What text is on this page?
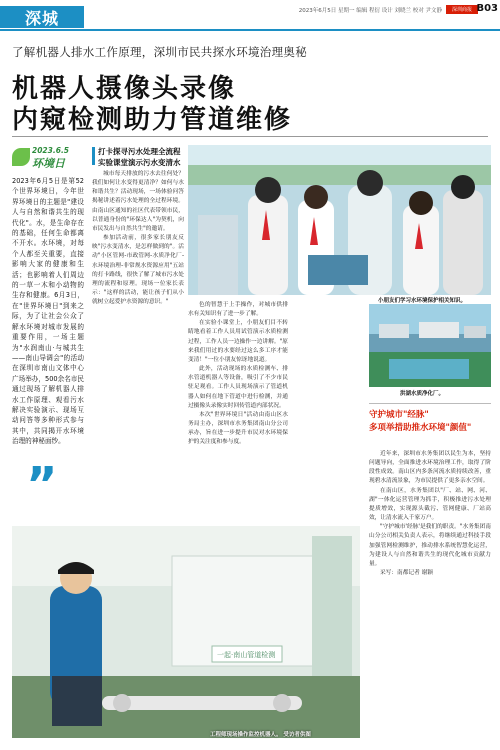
深城	2023年6月5日 星期一 编辑 程衍 设计 刘晓兰 校对 尹文静	深圳商报 B03
了解机器人排水工作原理，深圳市民共探水环境治理奥秘
机器人摄像头录像
内窥检测助力管道维修
2023.6.5
环境日
2023年6月5日是第52个世界环境日，今年世界环境日的主题是"建设人与自然和谐共生的现代化"。水，是生命存在的基础，任何生命都离不开水。水环境，对每个人都至关重要，直接影响大家的健康和生活；也影响着人们周边的一草一木和小动物的生存和健康。6月3日，在"世界环境日"到来之际，为了让社会公众了解水环境对城市发展的重要作用，一场主题为"水润南山·与城共生——南山导调会"的活动在深圳市南山文体中心广场举办，500余名市民通过现场了解机器人排水工作原理、观看污水解决实验演示、现场互动问答等多种形式参与其中，共同揭开水环境治理的神秘面纱。
”
打卡探寻污水处理全流程
实验课堂演示污水变清水

城市每天排放的污水去往何处？我们如何让水变得更清净？如何与水和谐共生？活动现场，一场体验问答揭秘讲述着污水处理的全过程环境。由南山区通知的社区代表带领市民，以普通身份的"环保达人"为契机，向市民发出与自然共生"的邀请。

参加活动前，很多家长朋友反映"污水变清水，是怎样做到的"。活动"小区管网-市政管网-水质净化厂-水环境治理-非常规水资源应用"五站的打卡路线，很快了解了城市污水处理的流程和原理。现场一位家长表示："这样的活动，能让孩子们从小就树立起爱护水资源的意识。"	小朋友们学习水环境保护相关知识。

色的智慧于上手操作，对城市供排水有关知识有了进一步了解。

在实验小课堂上，小朋友们目不转睛地看着工作人员用试管演示水质检测过程，工作人员一边操作一边讲解。"原来我们用过的水要经过这么多工序才能变清！"一位小朋友惊讶地说道。

此外，活动现场的水质检测车、排水管道机器人等设备，吸引了不少市民驻足观看。工作人员现场演示了管道机器人如何在地下管道中进行检测，并通过摄像头录像实时回传管道内部状况。

本次"世界环境日"活动由南山区水务局主办，深圳市水务集团南山分公司承办，旨在进一步提升市民对水环境保护的关注度和参与度。

洪湖水质净化厂。
守护城市"经脉"
多项举措助推水环境"颜值"

近年来，深圳市水务集团以民生为本，坚持问题导向，全面推进水环境治理工作，取得了阶段性成效。南山区内多条河流水质持续改善，重现碧水清流景象，为市民提供了更多亲水空间。

在南山区，水务集团以"厂、站、网、河、湖"一体化运营管理为抓手，积极推进污水处理提质增效，实现源头截污、管网健康、厂站高效，让清水流入千家万户。

"守护城市'经脉'是我们的职责。"水务集团南山分公司相关负责人表示，将继续通过科技手段加强管网检测维护，推动排水系统智慧化运营，为建设人与自然和谐共生的现代化城市贡献力量。

采写：南都记者 谢颖

一起·南山管道检测
工程师现场操作监控机器人。 受访者供图
